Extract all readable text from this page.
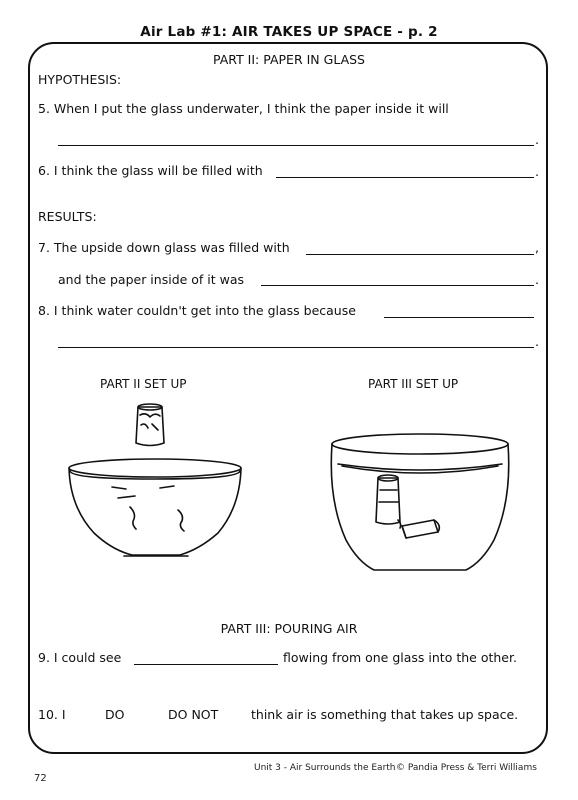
Air Lab #1: AIR TAKES UP SPACE - p. 2
PART II: PAPER IN GLASS
HYPOTHESIS:
5. When I put the glass underwater, I think the paper inside it will
.
6. I think the glass will be filled with	.
RESULTS:
7. The upside down glass was filled with	,
and the paper inside of it was	.
8. I think water couldn't get into the glass because
.
PART II SET UP	PART III SET UP
PART III: POURING AIR
9. I could see	flowing from one glass into the other.
10. I	DO	DO NOT	think air is something that takes up space.
72
Unit 3 - Air Surrounds the Earth © Pandia Press & Terri Williams
